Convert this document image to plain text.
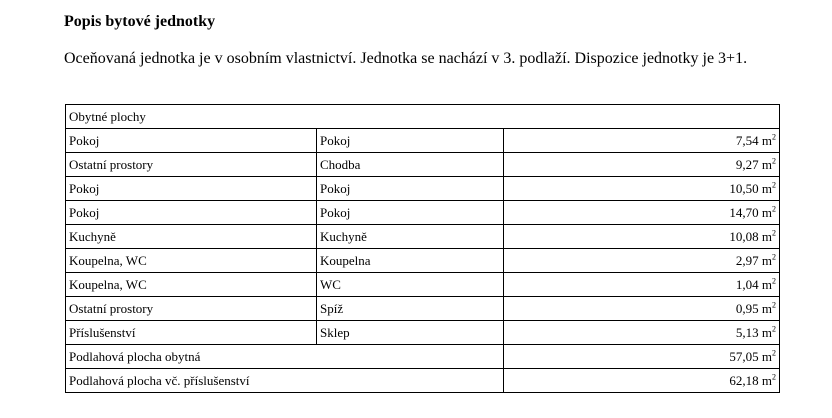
Popis bytové jednotky
Oceňovaná jednotka je v osobním vlastnictví. Jednotka se nachází v 3. podlaží. Dispozice jednotky je 3+1.
Obytné plochy		
Pokoj	Pokoj	7,54 $m^2$
Ostatní prostory	Chodba	9,27 $m^2$
Pokoj	Pokoj	10,50 $m^2$
Pokoj	Pokoj	14,70 $m^2$
Kuchyně	Kuchyně	10,08 $m^2$
Koupelna, WC	Koupelna	2,97 $m^2$
Koupelna, WC	WC	1,04 $m^2$
Ostatní prostory	Spíž	0,95 $m^2$
Příslušenství	Sklep	5,13 $m^2$
Podlahová plocha obytná		57,05 $m^2$
Podlahová plocha vč. příslušenství		62,18 $m^2$
